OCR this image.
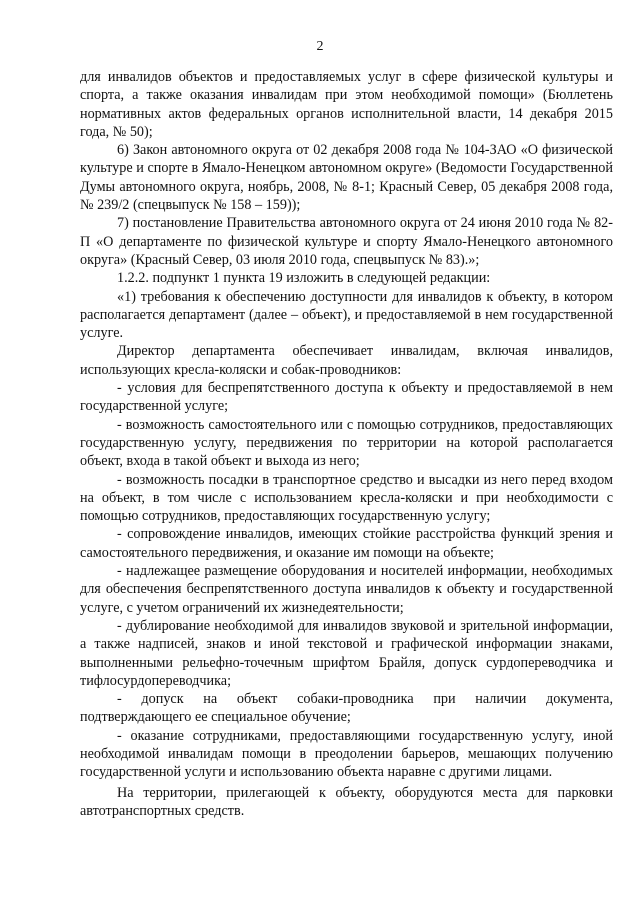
2

для инвалидов объектов и предоставляемых услуг в сфере физической культуры и спорта, а также оказания инвалидам при этом необходимой помощи» (Бюллетень нормативных актов федеральных органов исполнительной власти, 14 декабря 2015 года, № 50);

6) Закон автономного округа от 02 декабря 2008 года № 104-ЗАО «О физической культуре и спорте в Ямало-Ненецком автономном округе» (Ведомости Государственной Думы автономного округа, ноябрь, 2008, № 8-1; Красный Север, 05 декабря 2008 года, № 239/2 (спецвыпуск № 158 – 159));

7) постановление Правительства автономного округа от 24 июня 2010 года № 82-П «О департаменте по физической культуре и спорту Ямало-Ненецкого автономного округа» (Красный Север, 03 июля 2010 года, спецвыпуск № 83).»;

1.2.2. подпункт 1 пункта 19 изложить в следующей редакции:

«1) требования к обеспечению доступности для инвалидов к объекту, в котором располагается департамент (далее – объект), и предоставляемой в нем государственной услуге.

Директор департамента обеспечивает инвалидам, включая инвалидов, использующих кресла-коляски и собак-проводников:

- условия для беспрепятственного доступа к объекту и предоставляемой в нем государственной услуге;

- возможность самостоятельного или с помощью сотрудников, предоставляющих государственную услугу, передвижения по территории на которой располагается объект, входа в такой объект и выхода из него;

- возможность посадки в транспортное средство и высадки из него перед входом на объект, в том числе с использованием кресла-коляски и при необходимости с помощью сотрудников, предоставляющих государственную услугу;

- сопровождение инвалидов, имеющих стойкие расстройства функций зрения и самостоятельного передвижения, и оказание им помощи на объекте;

- надлежащее размещение оборудования и носителей информации, необходимых для обеспечения беспрепятственного доступа инвалидов к объекту и государственной услуге, с учетом ограничений их жизнедеятельности;

- дублирование необходимой для инвалидов звуковой и зрительной информации, а также надписей, знаков и иной текстовой и графической информации знаками, выполненными рельефно-точечным шрифтом Брайля, допуск сурдопереводчика и тифлосурдопереводчика;

- допуск на объект собаки-проводника при наличии документа, подтверждающего ее специальное обучение;

- оказание сотрудниками, предоставляющими государственную услугу, иной необходимой инвалидам помощи в преодолении барьеров, мешающих получению государственной услуги и использованию объекта наравне с другими лицами.

На территории, прилегающей к объекту, оборудуются места для парковки автотранспортных средств.
